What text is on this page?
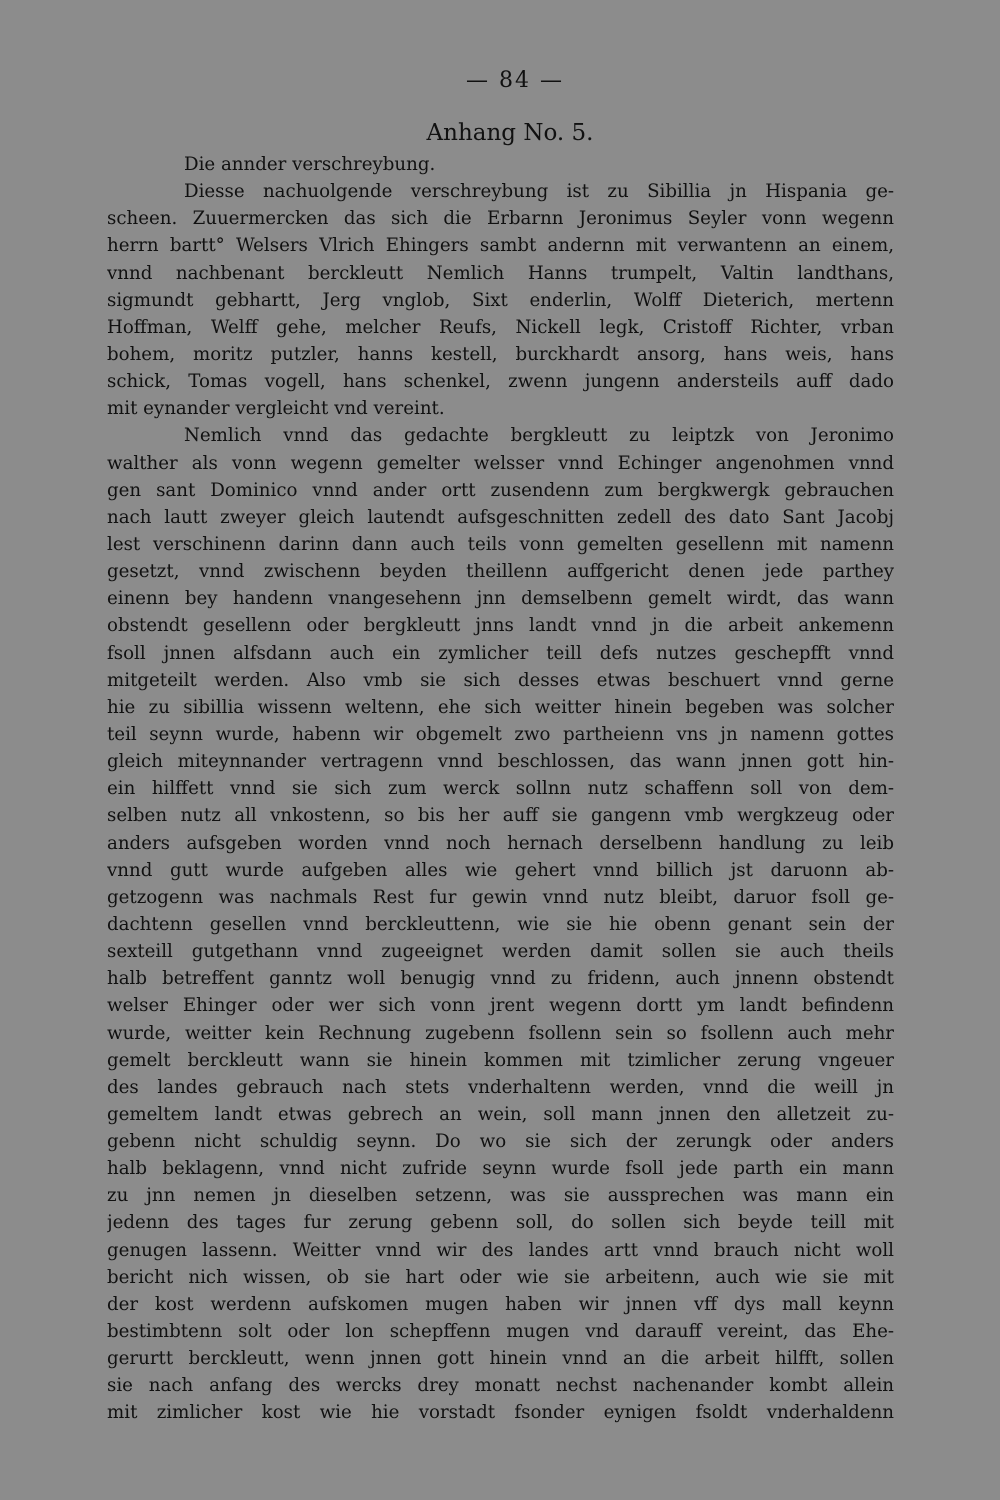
— 84 —
Anhang No. 5.
Die annder verschreybung.
Diesse nachuolgende verschreybung ist zu Sibillia jn Hispania ge-
scheen. Zuuermercken das sich die Erbarnn Jeronimus Seyler vonn wegenn
herrn bartt° Welsers Vlrich Ehingers sambt andernn mit verwantenn an einem,
vnnd nachbenant berckleutt Nemlich Hanns trumpelt, Valtin landthans,
sigmundt gebhartt, Jerg vnglob, Sixt enderlin, Wolff Dieterich, mertenn
Hoffman, Welff gehe, melcher Reufs, Nickell legk, Cristoff Richter, vrban
bohem, moritz putzler, hanns kestell, burckhardt ansorg, hans weis, hans
schick, Tomas vogell, hans schenkel, zwenn jungenn andersteils auff dado
mit eynander vergleicht vnd vereint.
Nemlich vnnd das gedachte bergkleutt zu leiptzk von Jeronimo
walther als vonn wegenn gemelter welsser vnnd Echinger angenohmen vnnd
gen sant Dominico vnnd ander ortt zusendenn zum bergkwergk gebrauchen
nach lautt zweyer gleich lautendt aufsgeschnitten zedell des dato Sant Jacobj
lest verschinenn darinn dann auch teils vonn gemelten gesellenn mit namenn
gesetzt, vnnd zwischenn beyden theillenn auffgericht denen jede parthey
einenn bey handenn vnangesehenn jnn demselbenn gemelt wirdt, das wann
obstendt gesellenn oder bergkleutt jnns landt vnnd jn die arbeit ankemenn
fsoll jnnen alfsdann auch ein zymlicher teill defs nutzes geschepfft vnnd
mitgeteilt werden. Also vmb sie sich desses etwas beschuert vnnd gerne
hie zu sibillia wissenn weltenn, ehe sich weitter hinein begeben was solcher
teil seynn wurde, habenn wir obgemelt zwo partheienn vns jn namenn gottes
gleich miteynnander vertragenn vnnd beschlossen, das wann jnnen gott hin-
ein hilffett vnnd sie sich zum werck sollnn nutz schaffenn soll von dem-
selben nutz all vnkostenn, so bis her auff sie gangenn vmb wergkzeug oder
anders aufsgeben worden vnnd noch hernach derselbenn handlung zu leib
vnnd gutt wurde aufgeben alles wie gehert vnnd billich jst daruonn ab-
getzogenn was nachmals Rest fur gewin vnnd nutz bleibt, daruor fsoll ge-
dachtenn gesellen vnnd berckleuttenn, wie sie hie obenn genant sein der
sexteill gutgethann vnnd zugeeignet werden damit sollen sie auch theils
halb betreffent ganntz woll benugig vnnd zu fridenn, auch jnnenn obstendt
welser Ehinger oder wer sich vonn jrent wegenn dortt ym landt befindenn
wurde, weitter kein Rechnung zugebenn fsollenn sein so fsollenn auch mehr
gemelt berckleutt wann sie hinein kommen mit tzimlicher zerung vngeuer
des landes gebrauch nach stets vnderhaltenn werden, vnnd die weill jn
gemeltem landt etwas gebrech an wein, soll mann jnnen den alletzeit zu-
gebenn nicht schuldig seynn. Do wo sie sich der zerungk oder anders
halb beklagenn, vnnd nicht zufride seynn wurde fsoll jede parth ein mann
zu jnn nemen jn dieselben setzenn, was sie aussprechen was mann ein
jedenn des tages fur zerung gebenn soll, do sollen sich beyde teill mit
genugen lassenn. Weitter vnnd wir des landes artt vnnd brauch nicht woll
bericht nich wissen, ob sie hart oder wie sie arbeitenn, auch wie sie mit
der kost werdenn aufskomen mugen haben wir jnnen vff dys mall keynn
bestimbtenn solt oder lon schepffenn mugen vnd darauff vereint, das Ehe-
gerurtt berckleutt, wenn jnnen gott hinein vnnd an die arbeit hilfft, sollen
sie nach anfang des wercks drey monatt nechst nachenander kombt allein
mit zimlicher kost wie hie vorstadt fsonder eynigen fsoldt vnderhaldenn
